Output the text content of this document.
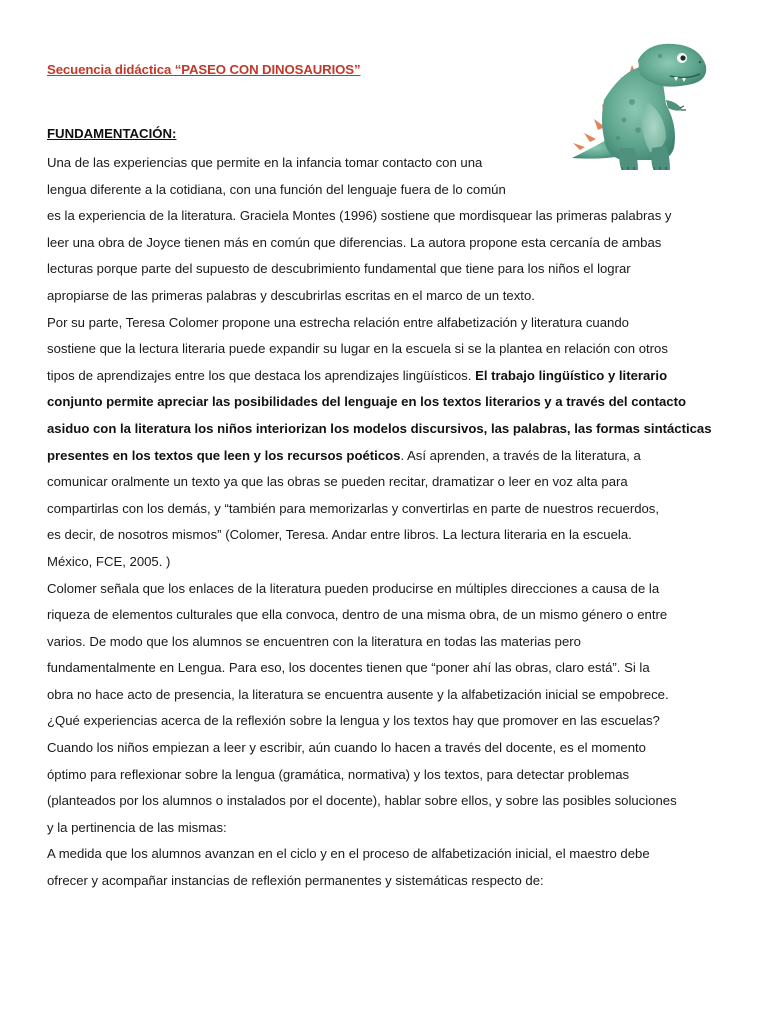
Secuencia didáctica “PASEO CON DINOSAURIOS”
FUNDAMENTACIÓN:
Una de las experiencias que permite en la infancia tomar contacto con una
lengua diferente a la cotidiana, con una función del lenguaje fuera de lo común
es la experiencia de la literatura. Graciela Montes (1996) sostiene que mordisquear las primeras palabras y
leer una obra de Joyce tienen más en común que diferencias. La autora propone esta cercanía de ambas
lecturas porque parte del supuesto de descubrimiento fundamental que tiene para los niños el lograr
apropiarse de las primeras palabras y descubrirlas escritas en el marco de un texto.
Por su parte, Teresa Colomer propone una estrecha relación entre alfabetización y literatura cuando
sostiene que la lectura literaria puede expandir su lugar en la escuela si se la plantea en relación con otros
tipos de aprendizajes entre los que destaca los aprendizajes lingüísticos. El trabajo lingüístico y literario
conjunto permite apreciar las posibilidades del lenguaje en los textos literarios y a través del contacto
asiduo con la literatura los niños interiorizan los modelos discursivos, las palabras, las formas sintácticas
presentes en los textos que leen y los recursos poéticos. Así aprenden, a través de la literatura, a
comunicar oralmente un texto ya que las obras se pueden recitar, dramatizar o leer en voz alta para
compartirlas con los demás, y “también para memorizarlas y convertirlas en parte de nuestros recuerdos,
es decir, de nosotros mismos” (Colomer, Teresa. Andar entre libros. La lectura literaria en la escuela.
México, FCE, 2005. )
Colomer señala que los enlaces de la literatura pueden producirse en múltiples direcciones a causa de la
riqueza de elementos culturales que ella convoca, dentro de una misma obra, de un mismo género o entre
varios. De modo que los alumnos se encuentren con la literatura en todas las materias pero
fundamentalmente en Lengua. Para eso, los docentes tienen que “poner ahí las obras, claro está”. Si la
obra no hace acto de presencia, la literatura se encuentra ausente y la alfabetización inicial se empobrece.
¿Qué experiencias acerca de la reflexión sobre la lengua y los textos hay que promover en las escuelas?
Cuando los niños empiezan a leer y escribir, aún cuando lo hacen a través del docente, es el momento
óptimo para reflexionar sobre la lengua (gramática, normativa) y los textos, para detectar problemas
(planteados por los alumnos o instalados por el docente), hablar sobre ellos, y sobre las posibles soluciones
y la pertinencia de las mismas:
A medida que los alumnos avanzan en el ciclo y en el proceso de alfabetización inicial, el maestro debe
ofrecer y acompañar instancias de reflexión permanentes y sistemáticas respecto de:
